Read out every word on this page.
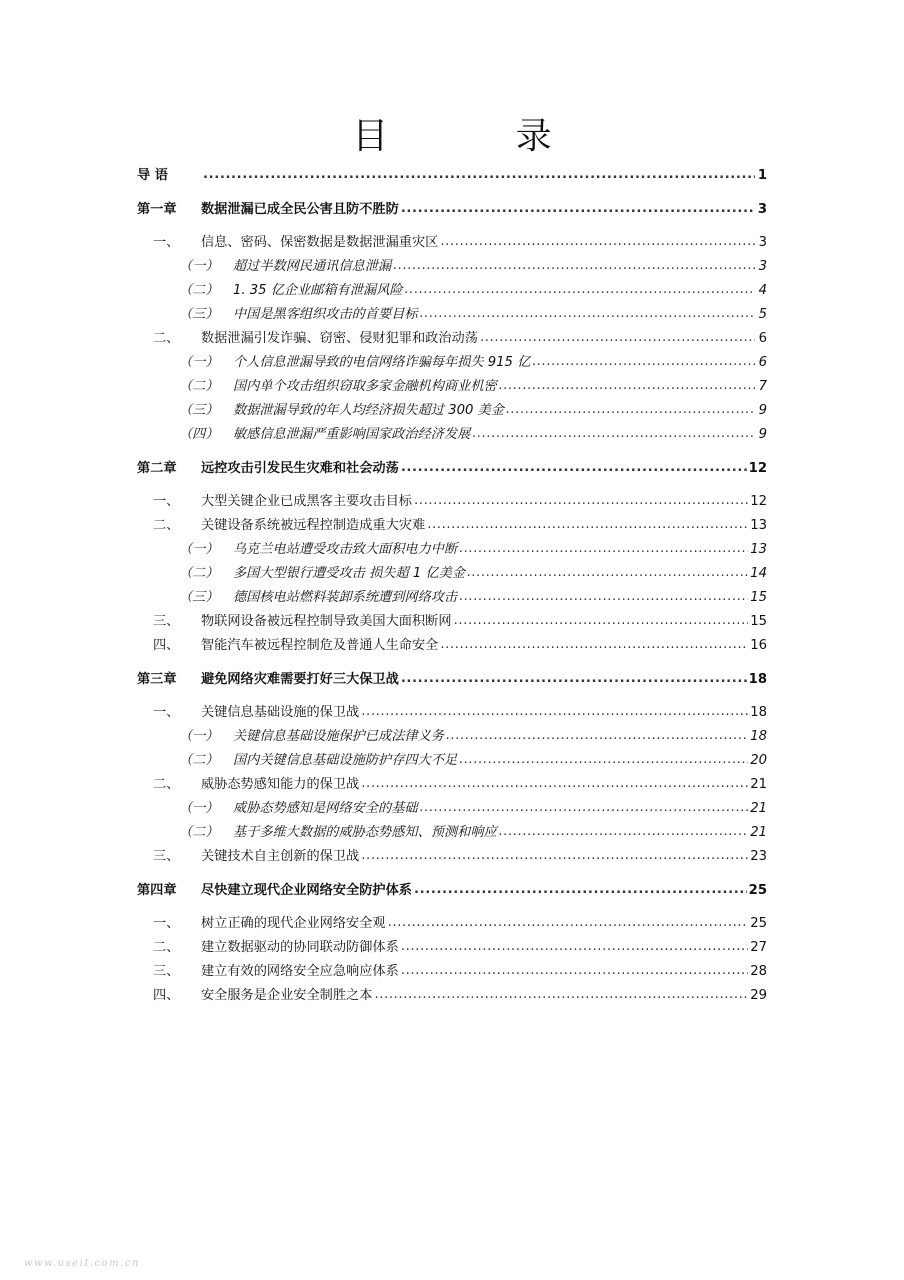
目 录
导 语 .....	1
第一章	数据泄漏已成全民公害且防不胜防 .....	3
一、	信息、密码、保密数据是数据泄漏重灾区 .....	3
（一）	超过半数网民通讯信息泄漏 .....	3
（二）	1. 35 亿企业邮箱有泄漏风险 .....	4
（三）	中国是黑客组织攻击的首要目标 .....	5
二、	数据泄漏引发诈骗、窃密、侵财犯罪和政治动荡 .....	6
（一）	个人信息泄漏导致的电信网络诈骗每年损失 915 亿 .....	6
（二）	国内单个攻击组织窃取多家金融机构商业机密 .....	7
（三）	数据泄漏导致的年人均经济损失超过 300 美金 .....	9
（四）	敏感信息泄漏严重影响国家政治经济发展 .....	9
第二章	远控攻击引发民生灾难和社会动荡 .....	12
一、	大型关键企业已成黑客主要攻击目标 .....	12
二、	关键设备系统被远程控制造成重大灾难 .....	13
（一）	乌克兰电站遭受攻击致大面积电力中断 .....	13
（二）	多国大型银行遭受攻击 损失超 1 亿美金 .....	14
（三）	德国核电站燃料装卸系统遭到网络攻击 .....	15
三、	物联网设备被远程控制导致美国大面积断网 .....	15
四、	智能汽车被远程控制危及普通人生命安全 .....	16
第三章	避免网络灾难需要打好三大保卫战 .....	18
一、	关键信息基础设施的保卫战 .....	18
（一）	关键信息基础设施保护已成法律义务 .....	18
（二）	国内关键信息基础设施防护存四大不足 .....	20
二、	威胁态势感知能力的保卫战 .....	21
（一）	威胁态势感知是网络安全的基础 .....	21
（二）	基于多维大数据的威胁态势感知、预测和响应 .....	21
三、	关键技术自主创新的保卫战 .....	23
第四章	尽快建立现代企业网络安全防护体系 .....	25
一、	树立正确的现代企业网络安全观 .....	25
二、	建立数据驱动的协同联动防御体系 .....	27
三、	建立有效的网络安全应急响应体系 .....	28
四、	安全服务是企业安全制胜之本 .....	29
www.useit.com.cn
